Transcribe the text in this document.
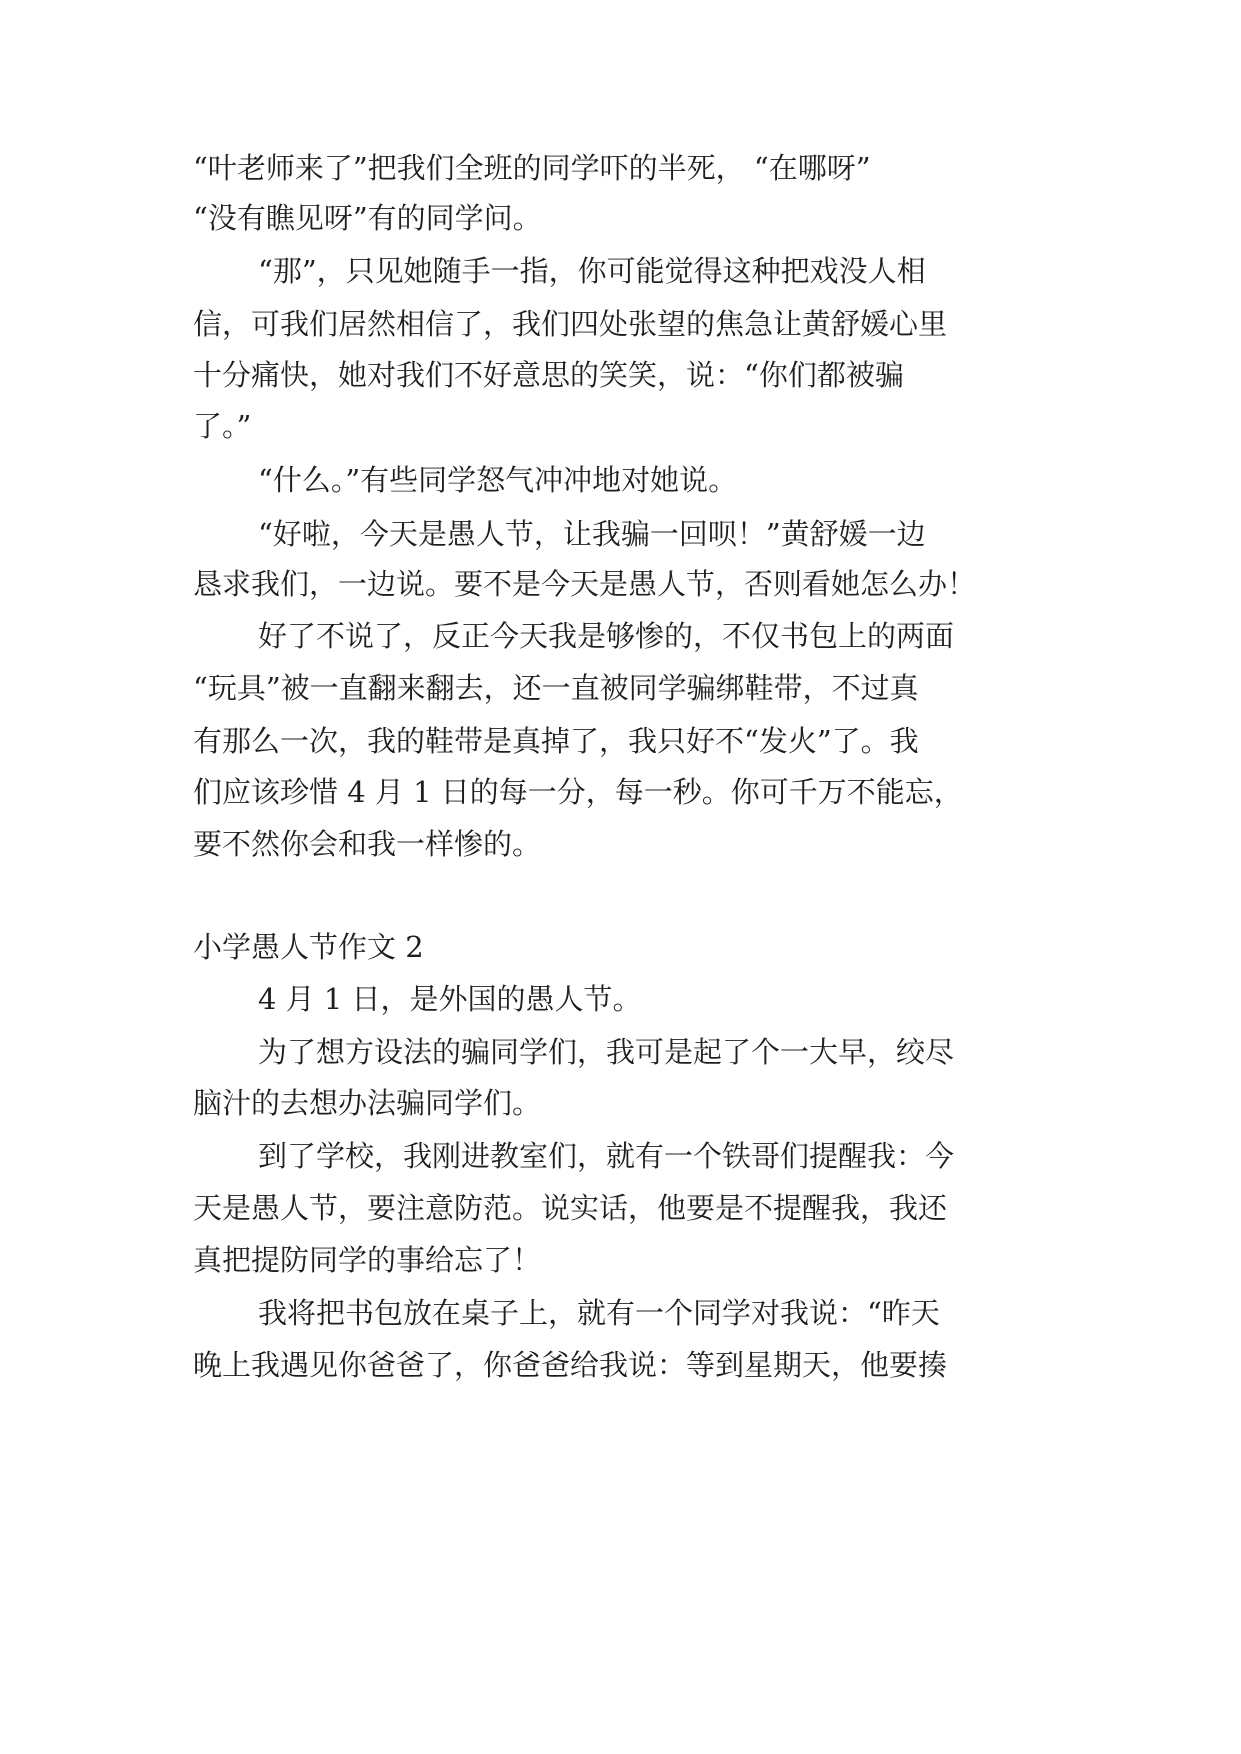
“叶老师来了”把我们全班的同学吓的半死， “在哪呀”
“没有瞧见呀”有的同学问。
“那”，只见她随手一指，你可能觉得这种把戏没人相
信，可我们居然相信了，我们四处张望的焦急让黄舒媛心里
十分痛快，她对我们不好意思的笑笑，说：“你们都被骗
了。”
“什么。”有些同学怒气冲冲地对她说。
“好啦，今天是愚人节，让我骗一回呗！”黄舒媛一边
恳求我们，一边说。要不是今天是愚人节，否则看她怎么办！
好了不说了，反正今天我是够惨的，不仅书包上的两面
“玩具”被一直翻来翻去，还一直被同学骗绑鞋带，不过真
有那么一次，我的鞋带是真掉了，我只好不“发火”了。我
们应该珍惜 4 月 1 日的每一分，每一秒。你可千万不能忘，
要不然你会和我一样惨的。
小学愚人节作文 2
4 月 1 日，是外国的愚人节。
为了想方设法的骗同学们，我可是起了个一大早，绞尽
脑汁的去想办法骗同学们。
到了学校，我刚进教室们，就有一个铁哥们提醒我：今
天是愚人节，要注意防范。说实话，他要是不提醒我，我还
真把提防同学的事给忘了！
我将把书包放在桌子上，就有一个同学对我说：“昨天
晚上我遇见你爸爸了，你爸爸给我说：等到星期天，他要揍
